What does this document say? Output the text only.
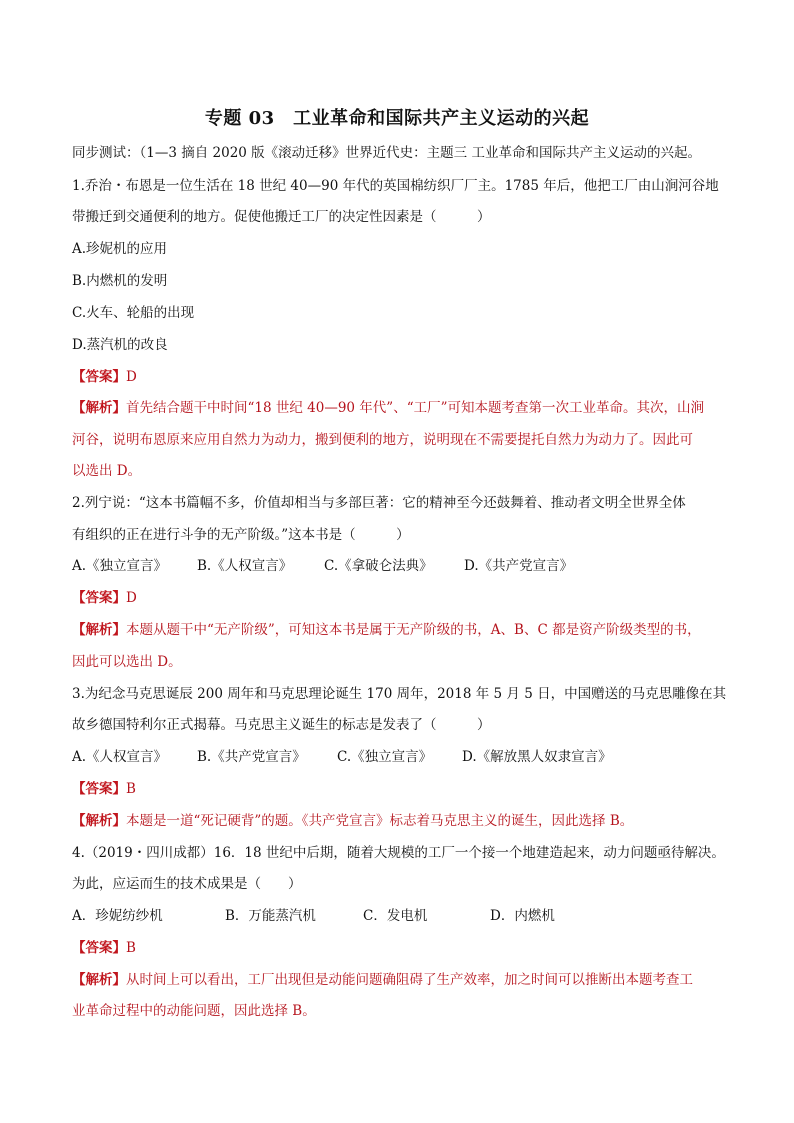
专题 03　工业革命和国际共产主义运动的兴起
同步测试：（1—3 摘自 2020 版《滚动迁移》世界近代史：主题三 工业革命和国际共产主义运动的兴起。
1.乔治・布恩是一位生活在 18 世纪 40—90 年代的英国棉纺织厂厂主。1785 年后，他把工厂由山涧河谷地
带搬迁到交通便利的地方。促使他搬迁工厂的决定性因素是（　　　）
A.珍妮机的应用
B.内燃机的发明
C.火车、轮船的出现
D.蒸汽机的改良
【答案】D
【解析】首先结合题干中时间“18 世纪 40—90 年代”、“工厂”可知本题考查第一次工业革命。其次，山涧
河谷，说明布恩原来应用自然力为动力，搬到便利的地方，说明现在不需要提托自然力为动力了。因此可
以选出 D。
2.列宁说：“这本书篇幅不多，价值却相当与多部巨著：它的精神至今还鼓舞着、推动者文明全世界全体
有组织的正在进行斗争的无产阶级。”这本书是（　　　）
A.《独立宣言》 B.《人权宣言》 C.《拿破仑法典》 D.《共产党宣言》
【答案】D
【解析】本题从题干中“无产阶级”，可知这本书是属于无产阶级的书，A、B、C 都是资产阶级类型的书，
因此可以选出 D。
3.为纪念马克思诞辰 200 周年和马克思理论诞生 170 周年，2018 年 5 月 5 日，中国赠送的马克思雕像在其
故乡德国特利尔正式揭幕。马克思主义诞生的标志是发表了（　　　）
A.《人权宣言》 B.《共产党宣言》 C.《独立宣言》 D.《解放黑人奴隶宣言》
【答案】B
【解析】本题是一道“死记硬背”的题。《共产党宣言》标志着马克思主义的诞生，因此选择 B。
4.（2019・四川成都）16．18 世纪中后期，随着大规模的工厂一个接一个地建造起来，动力问题亟待解决。
为此，应运而生的技术成果是（　　）
A．珍妮纺纱机	B．万能蒸汽机	C．发电机	D．内燃机
【答案】B
【解析】从时间上可以看出，工厂出现但是动能问题确阻碍了生产效率，加之时间可以推断出本题考查工
业革命过程中的动能问题，因此选择 B。
